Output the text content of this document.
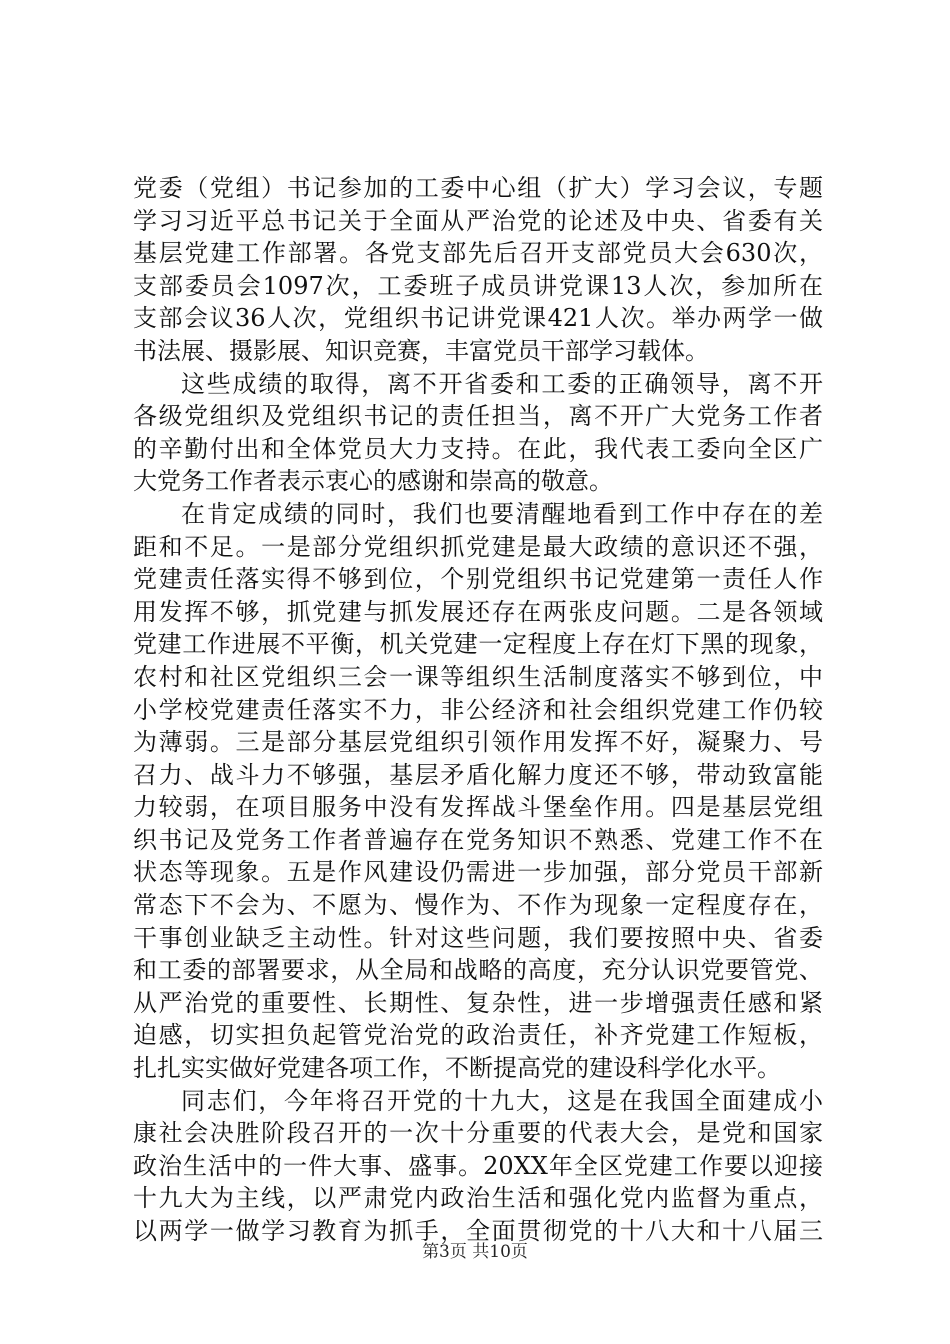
党委（党组）书记参加的工委中心组（扩大）学习会议，专题
学习习近平总书记关于全面从严治党的论述及中央、省委有关
基层党建工作部署。各党支部先后召开支部党员大会630次，
支部委员会1097次，工委班子成员讲党课13人次，参加所在
支部会议36人次，党组织书记讲党课421人次。举办两学一做
书法展、摄影展、知识竞赛，丰富党员干部学习载体。
这些成绩的取得，离不开省委和工委的正确领导，离不开
各级党组织及党组织书记的责任担当，离不开广大党务工作者
的辛勤付出和全体党员大力支持。在此，我代表工委向全区广
大党务工作者表示衷心的感谢和崇高的敬意。
在肯定成绩的同时，我们也要清醒地看到工作中存在的差
距和不足。一是部分党组织抓党建是最大政绩的意识还不强，
党建责任落实得不够到位，个别党组织书记党建第一责任人作
用发挥不够，抓党建与抓发展还存在两张皮问题。二是各领域
党建工作进展不平衡，机关党建一定程度上存在灯下黑的现象，
农村和社区党组织三会一课等组织生活制度落实不够到位，中
小学校党建责任落实不力，非公经济和社会组织党建工作仍较
为薄弱。三是部分基层党组织引领作用发挥不好，凝聚力、号
召力、战斗力不够强，基层矛盾化解力度还不够，带动致富能
力较弱，在项目服务中没有发挥战斗堡垒作用。四是基层党组
织书记及党务工作者普遍存在党务知识不熟悉、党建工作不在
状态等现象。五是作风建设仍需进一步加强，部分党员干部新
常态下不会为、不愿为、慢作为、不作为现象一定程度存在，
干事创业缺乏主动性。针对这些问题，我们要按照中央、省委
和工委的部署要求，从全局和战略的高度，充分认识党要管党、
从严治党的重要性、长期性、复杂性，进一步增强责任感和紧
迫感，切实担负起管党治党的政治责任，补齐党建工作短板，
扎扎实实做好党建各项工作，不断提高党的建设科学化水平。
同志们，今年将召开党的十九大，这是在我国全面建成小
康社会决胜阶段召开的一次十分重要的代表大会，是党和国家
政治生活中的一件大事、盛事。20XX年全区党建工作要以迎接
十九大为主线，以严肃党内政治生活和强化党内监督为重点，
以两学一做学习教育为抓手，全面贯彻党的十八大和十八届三
第3页 共10页
